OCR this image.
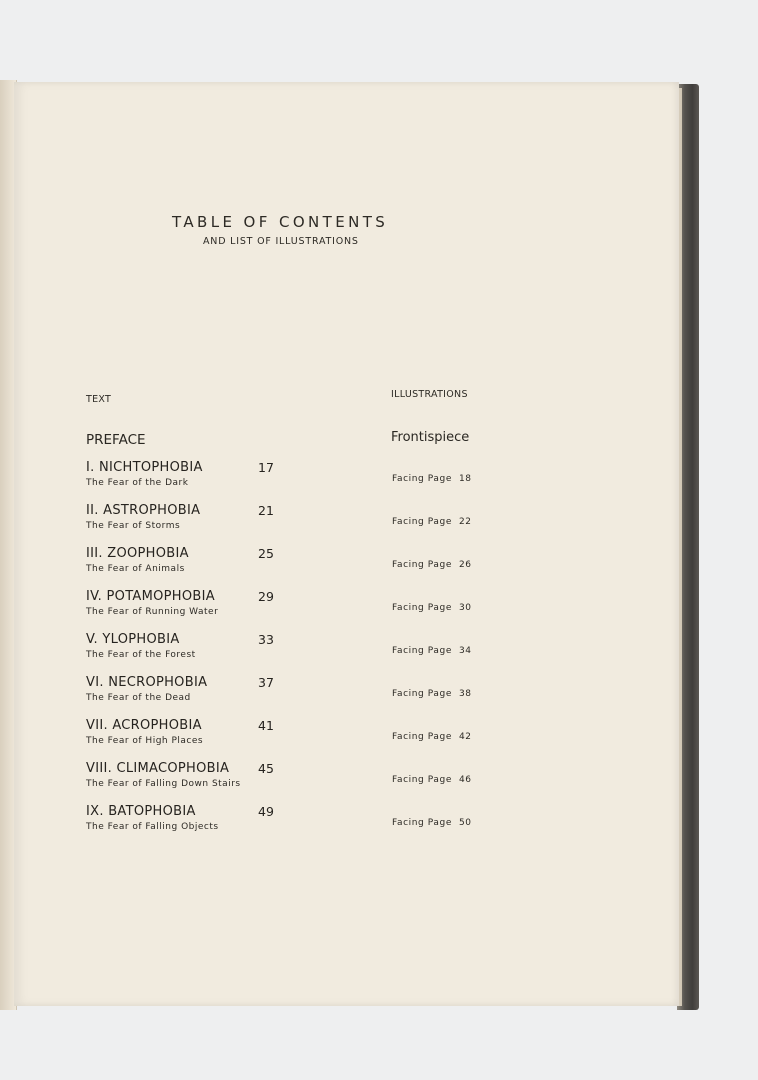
TABLE OF CONTENTS
AND LIST OF ILLUSTRATIONS
TEXT	ILLUSTRATIONS
PREFACE	Frontispiece
I. NICHTOPHOBIA
The Fear of the Dark
17
Facing Page 18
II. ASTROPHOBIA
The Fear of Storms
21
Facing Page 22
III. ZOOPHOBIA
The Fear of Animals
25
Facing Page 26
IV. POTAMOPHOBIA
The Fear of Running Water
29
Facing Page 30
V. YLOPHOBIA
The Fear of the Forest
33
Facing Page 34
VI. NECROPHOBIA
The Fear of the Dead
37
Facing Page 38
VII. ACROPHOBIA
The Fear of High Places
41
Facing Page 42
VIII. CLIMACOPHOBIA
The Fear of Falling Down Stairs
45
Facing Page 46
IX. BATOPHOBIA
The Fear of Falling Objects
49
Facing Page 50
